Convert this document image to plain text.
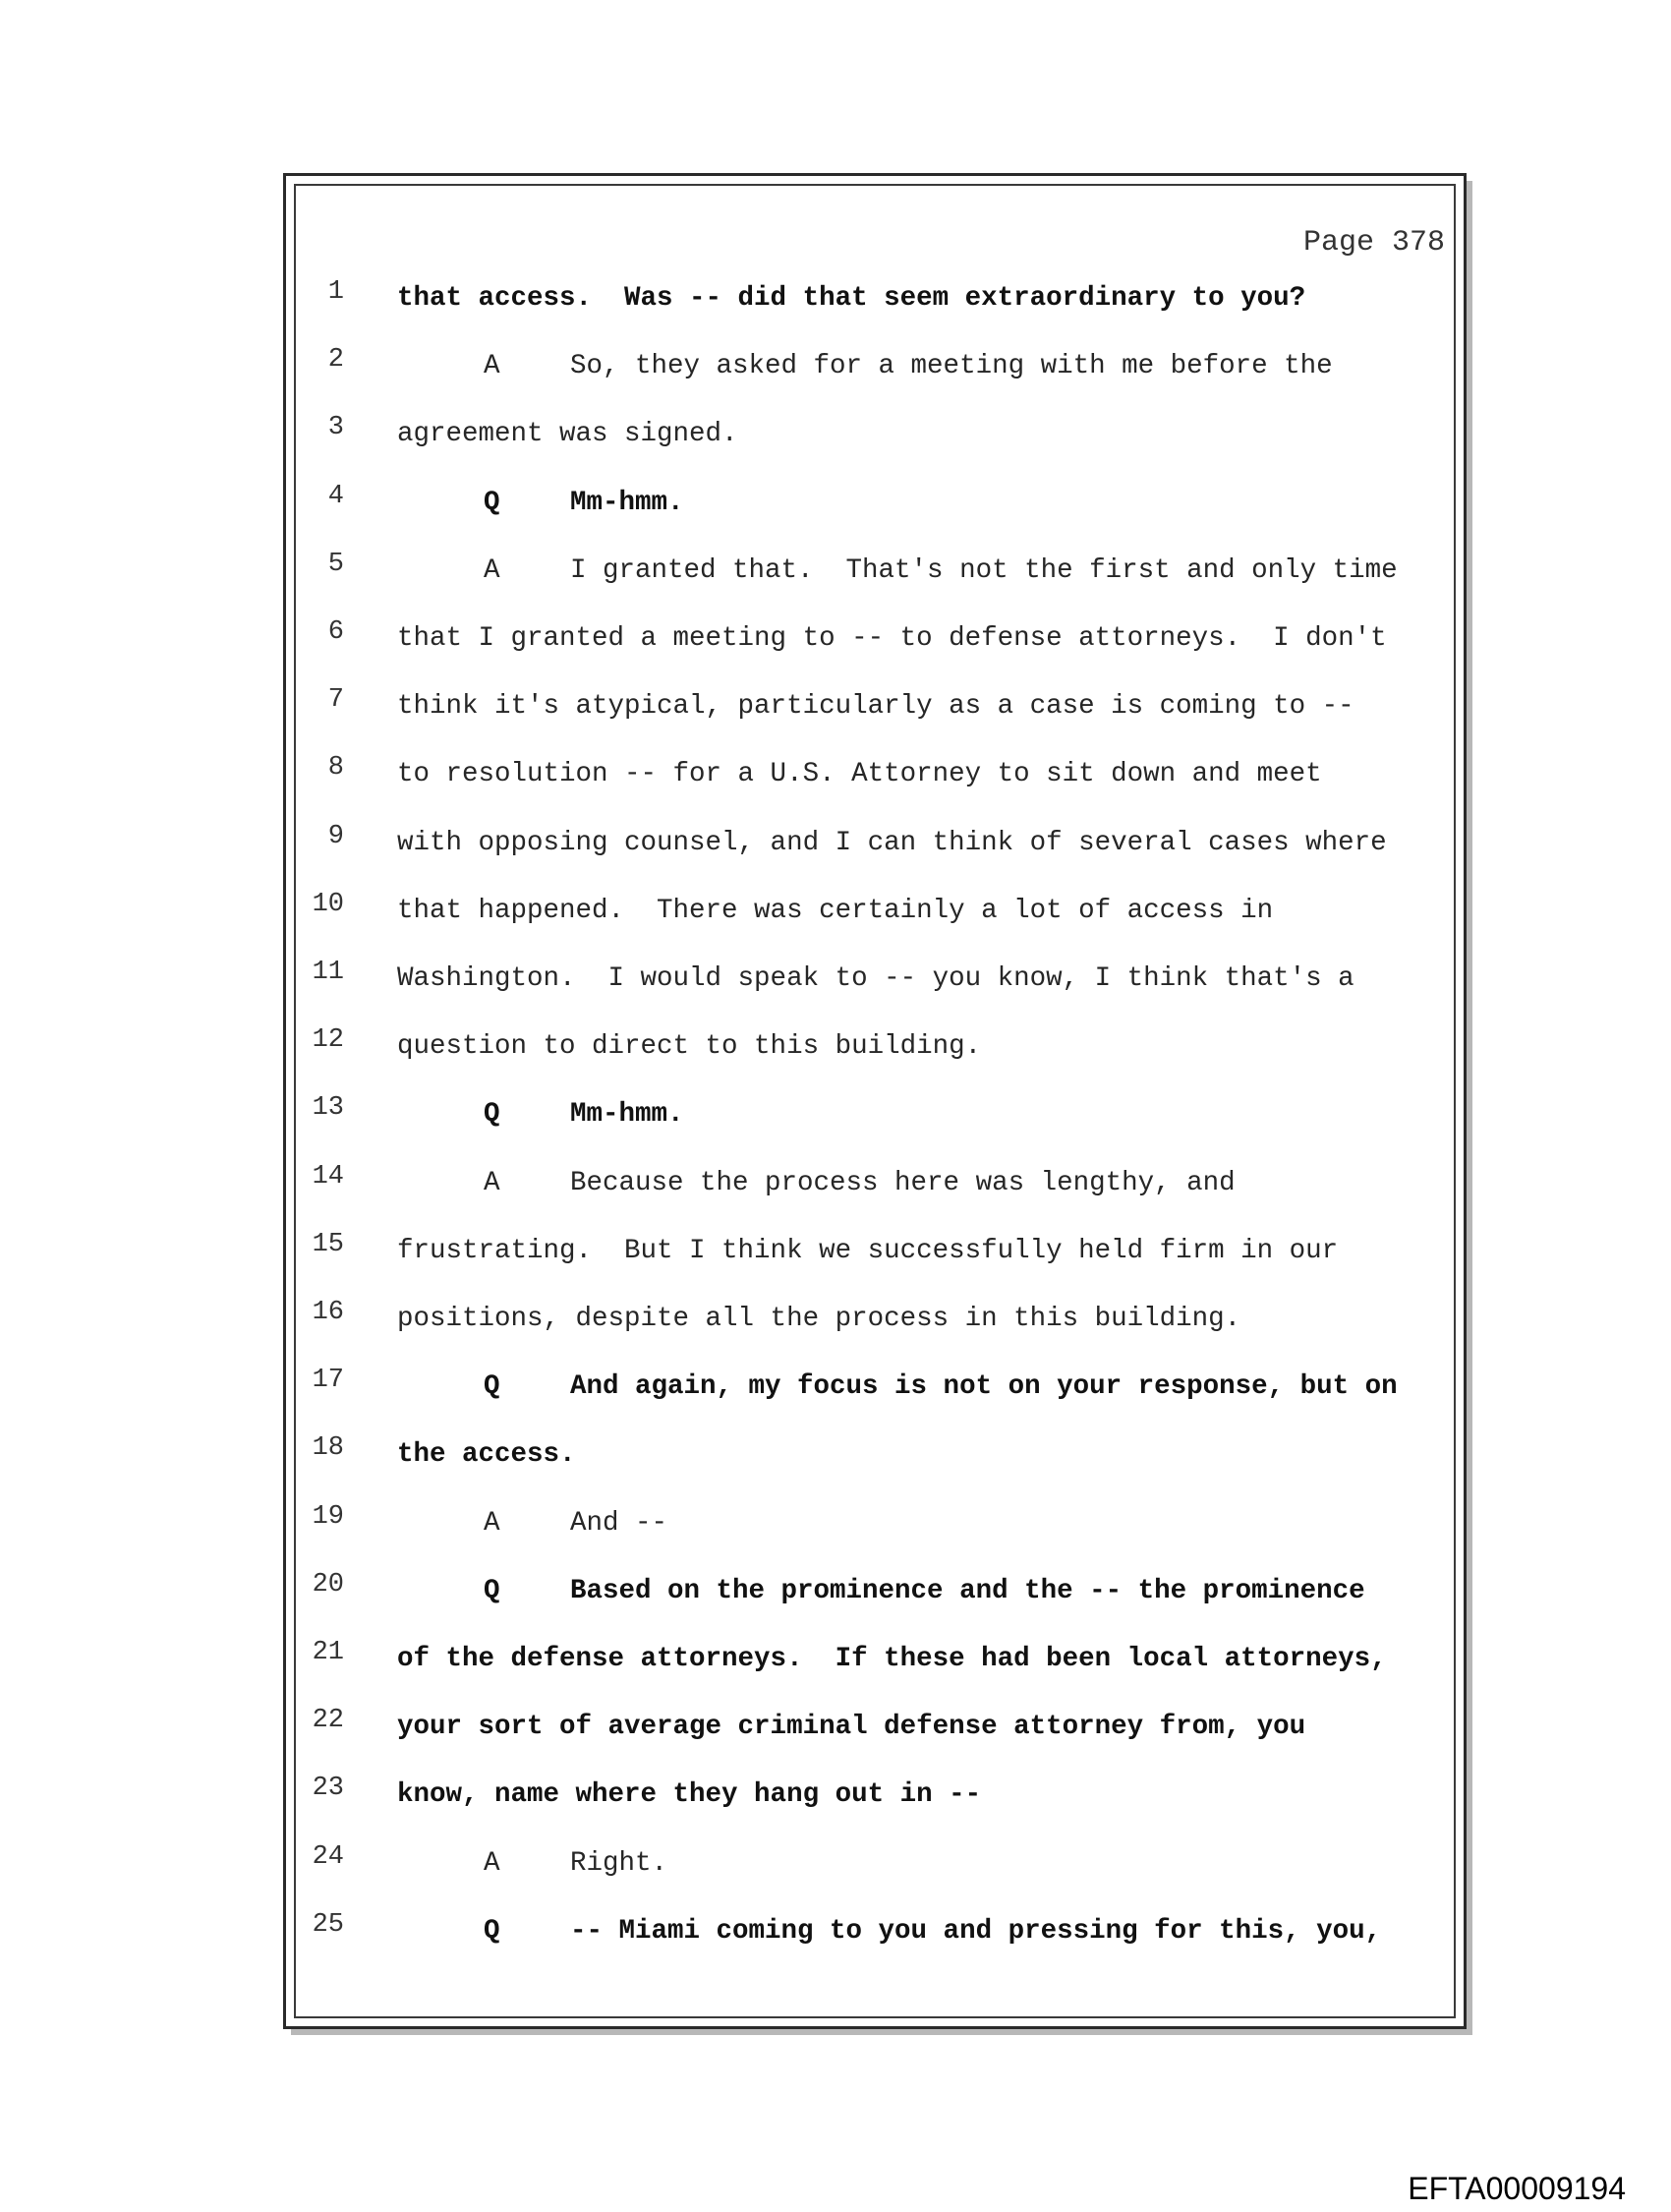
Page 378
1 that access.  Was -- did that seem extraordinary to you?
2	A	So, they asked for a meeting with me before the
3 agreement was signed.
4	Q	Mm-hmm.
5	A	I granted that.  That's not the first and only time
6 that I granted a meeting to -- to defense attorneys.  I don't
7 think it's atypical, particularly as a case is coming to --
8 to resolution -- for a U.S. Attorney to sit down and meet
9 with opposing counsel, and I can think of several cases where
10 that happened.  There was certainly a lot of access in
11 Washington.  I would speak to -- you know, I think that's a
12 question to direct to this building.
13	Q	Mm-hmm.
14	A	Because the process here was lengthy, and
15 frustrating.  But I think we successfully held firm in our
16 positions, despite all the process in this building.
17	Q	And again, my focus is not on your response, but on
18 the access.
19	A	And --
20	Q	Based on the prominence and the -- the prominence
21 of the defense attorneys.  If these had been local attorneys,
22 your sort of average criminal defense attorney from, you
23 know, name where they hang out in --
24	A	Right.
25	Q	-- Miami coming to you and pressing for this, you,
EFTA00009194
